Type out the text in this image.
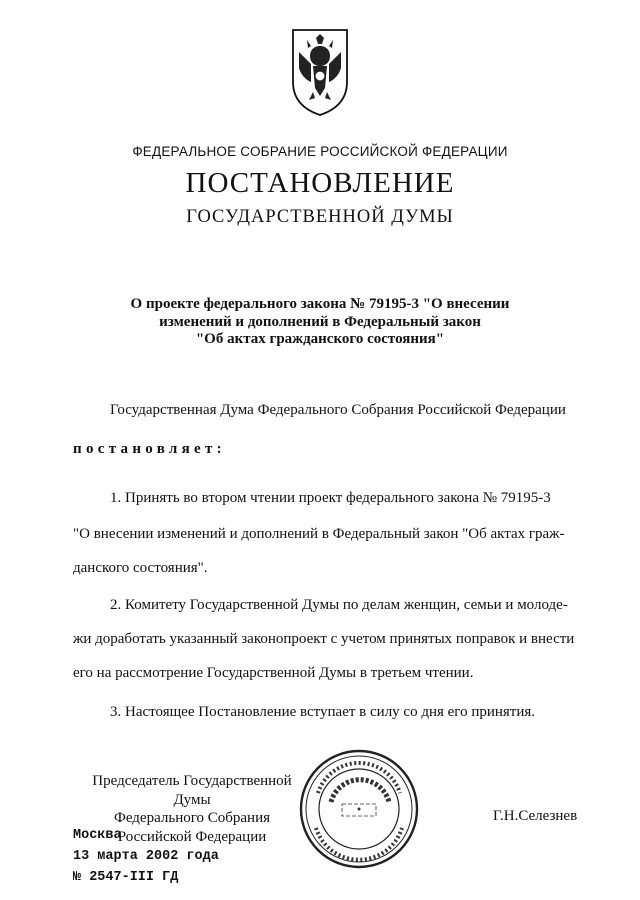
ФЕДЕРАЛЬНОЕ СОБРАНИЕ РОССИЙСКОЙ ФЕДЕРАЦИИ

ПОСТАНОВЛЕНИЕ

ГОСУДАРСТВЕННОЙ ДУМЫ

О проекте федерального закона № 79195-3 "О внесении
изменений и дополнений в Федеральный закон
"Об актах гражданского состояния"

Государственная Дума Федерального Собрания Российской Федерации

постановляет:

1. Принять во втором чтении проект федерального закона № 79195-3

"О внесении изменений и дополнений в Федеральный закон "Об актах граж-

данского состояния".

2. Комитету Государственной Думы по делам женщин, семьи и молоде-

жи доработать указанный законопроект с учетом принятых поправок и внести

его на рассмотрение Государственной Думы в третьем чтении.

3. Настоящее Постановление вступает в силу со дня его принятия.

Председатель Государственной Думы
Федерального Собрания
Российской Федерации

Г.Н.Селезнев

Москва

13 марта 2002 года

№ 2547-III ГД
